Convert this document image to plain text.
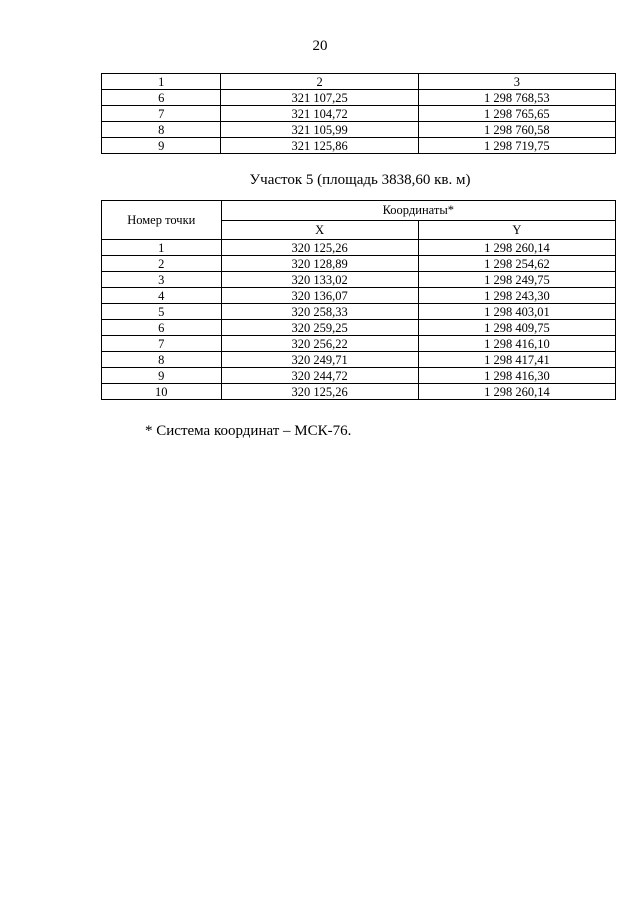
20
1	2	3
6	321 107,25	1 298 768,53
7	321 104,72	1 298 765,65
8	321 105,99	1 298 760,58
9	321 125,86	1 298 719,75
Участок 5 (площадь 3838,60 кв. м)
Номер точки	Координаты*	
	X	Y
1	320 125,26	1 298 260,14
2	320 128,89	1 298 254,62
3	320 133,02	1 298 249,75
4	320 136,07	1 298 243,30
5	320 258,33	1 298 403,01
6	320 259,25	1 298 409,75
7	320 256,22	1 298 416,10
8	320 249,71	1 298 417,41
9	320 244,72	1 298 416,30
10	320 125,26	1 298 260,14
* Система координат – МСК-76.
